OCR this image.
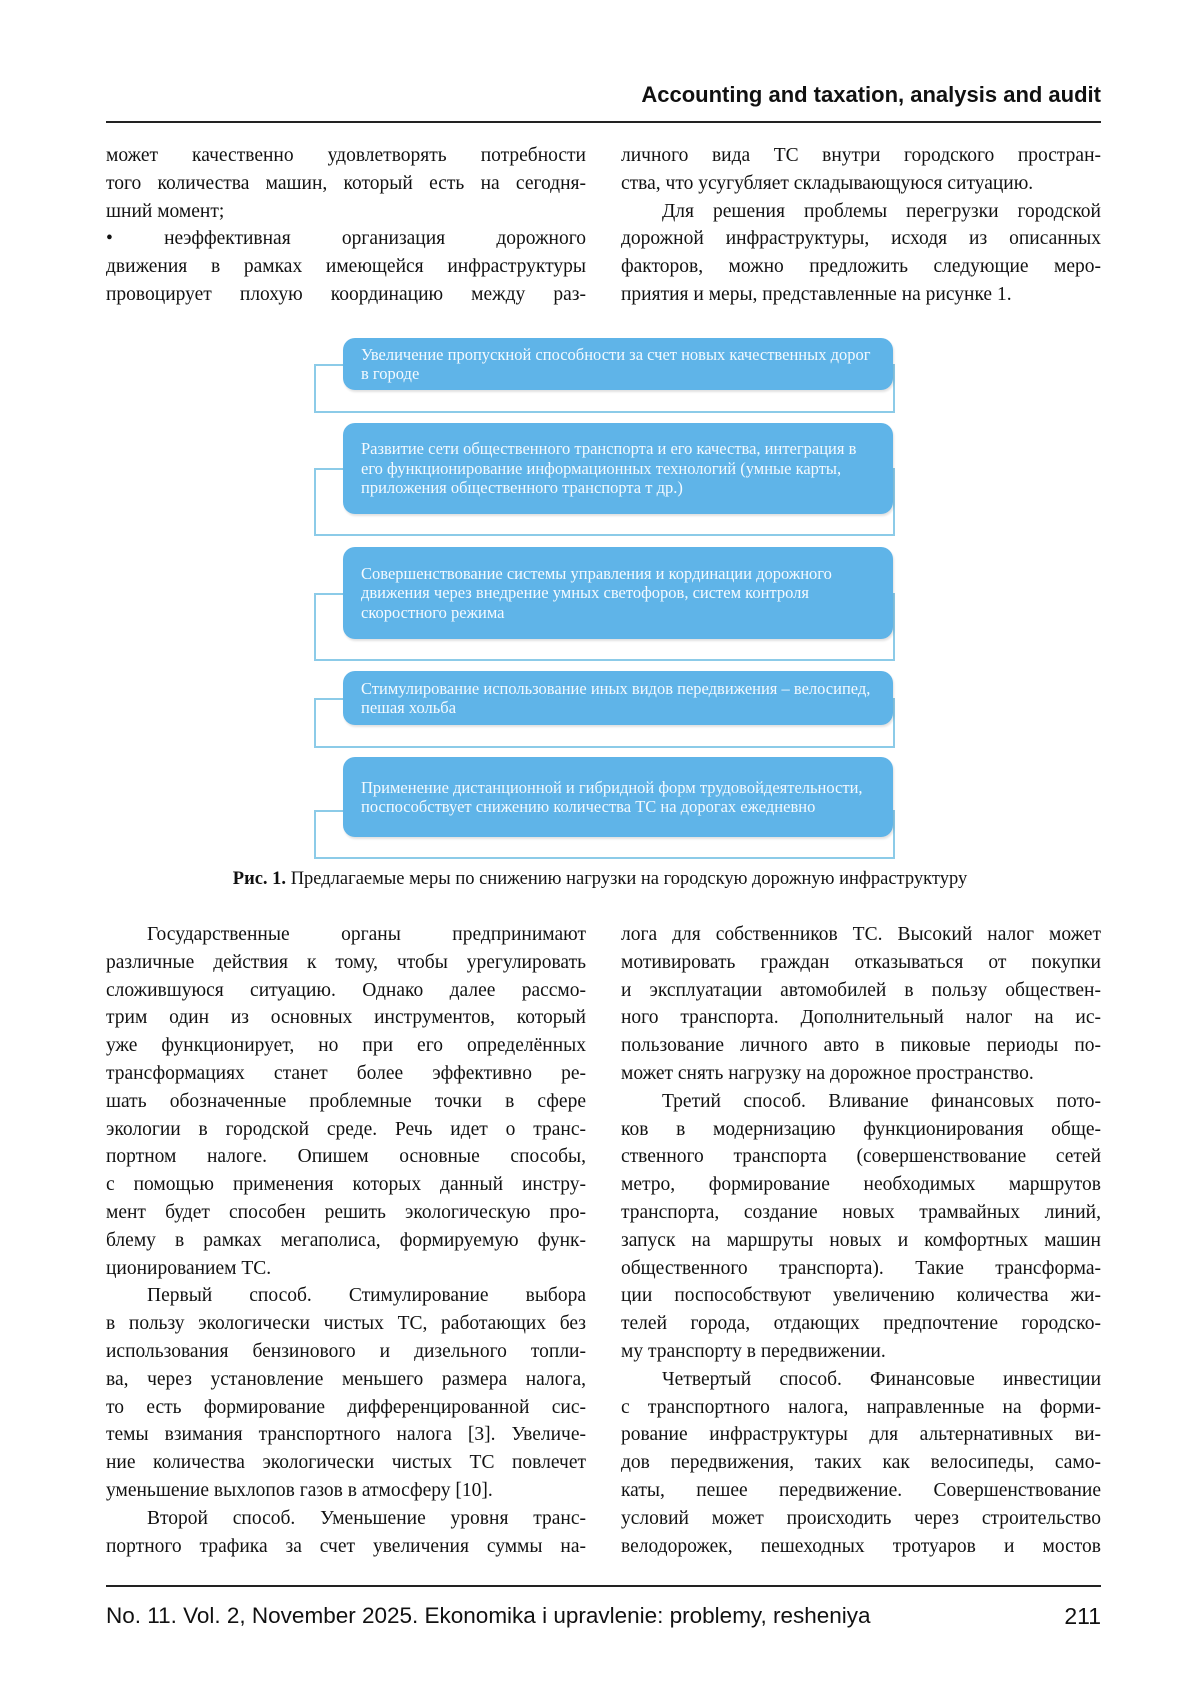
Accounting and taxation, analysis and audit
может качественно удовлетворять потребности
того количества машин, который есть на сегодня-
шний момент;
• неэффективная организация дорожного
движения в рамках имеющейся инфраструктуры
провоцирует плохую координацию между раз-
личного вида ТС внутри городского простран-
ства, что усугубляет складывающуюся ситуацию.
Для решения проблемы перегрузки городской
дорожной инфраструктуры, исходя из описанных
факторов, можно предложить следующие меро-
приятия и меры, представленные на рисунке 1.
Увеличение пропускной способности за счет новых качественных дорог в городе
Развитие сети общественного транспорта и его качества, интеграция в его функционирование информационных технологий (умные карты, приложения общественного транспорта т др.)
Совершенствование системы управления и кординации дорожного движения через внедрение умных светофоров, систем контроля скоростного режима
Стимулирование использование иных видов передвижения – велосипед, пешая хольба
Применение дистанционной и гибридной форм трудовойдеятельности, поспособствует снижению количества ТС на дорогах ежедневно
Рис. 1. Предлагаемые меры по снижению нагрузки на городскую дорожную инфраструктуру
Государственные органы предпринимают
различные действия к тому, чтобы урегулировать
сложившуюся ситуацию. Однако далее рассмо-
трим один из основных инструментов, который
уже функционирует, но при его определённых
трансформациях станет более эффективно ре-
шать обозначенные проблемные точки в сфере
экологии в городской среде. Речь идет о транс-
портном налоге. Опишем основные способы,
с помощью применения которых данный инстру-
мент будет способен решить экологическую про-
блему в рамках мегаполиса, формируемую функ-
ционированием ТС.
Первый способ. Стимулирование выбора
в пользу экологически чистых ТС, работающих без
использования бензинового и дизельного топли-
ва, через установление меньшего размера налога,
то есть формирование дифференцированной сис-
темы взимания транспортного налога [3]. Увеличе-
ние количества экологически чистых ТС повлечет
уменьшение выхлопов газов в атмосферу [10].
Второй способ. Уменьшение уровня транс-
портного трафика за счет увеличения суммы на-
лога для собственников ТС. Высокий налог может
мотивировать граждан отказываться от покупки
и эксплуатации автомобилей в пользу обществен-
ного транспорта. Дополнительный налог на ис-
пользование личного авто в пиковые периоды по-
может снять нагрузку на дорожное пространство.
Третий способ. Вливание финансовых пото-
ков в модернизацию функционирования обще-
ственного транспорта (совершенствование сетей
метро, формирование необходимых маршрутов
транспорта, создание новых трамвайных линий,
запуск на маршруты новых и комфортных машин
общественного транспорта). Такие трансформа-
ции поспособствуют увеличению количества жи-
телей города, отдающих предпочтение городско-
му транспорту в передвижении.
Четвертый способ. Финансовые инвестиции
с транспортного налога, направленные на форми-
рование инфраструктуры для альтернативных ви-
дов передвижения, таких как велосипеды, само-
каты, пешее передвижение. Совершенствование
условий может происходить через строительство
велодорожек, пешеходных тротуаров и мостов
No. 11. Vol. 2, November 2025. Ekonomika i upravlenie: problemy, resheniya	211
